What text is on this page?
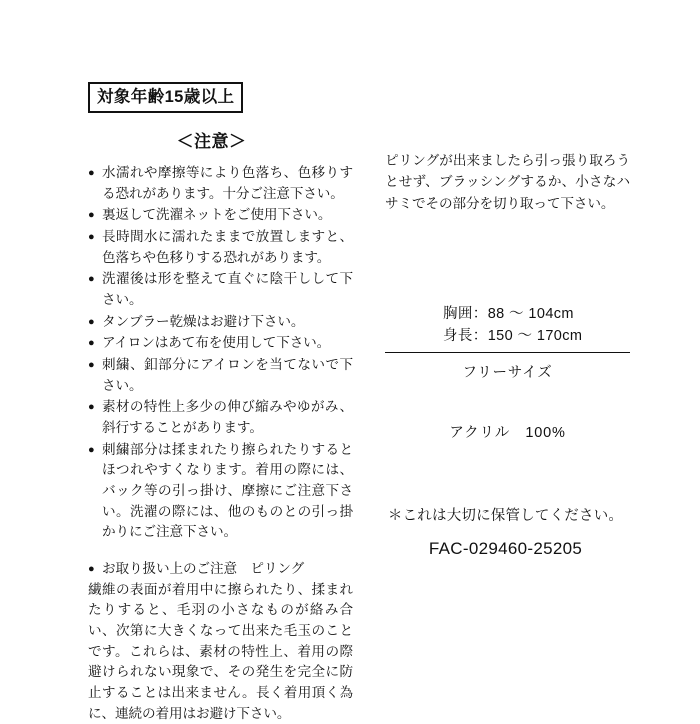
対象年齢15歳以上
＜注意＞
● 水濡れや摩擦等により色落ち、色移りする恐れがあります。十分ご注意下さい。
● 裏返して洗濯ネットをご使用下さい。
● 長時間水に濡れたままで放置しますと、色落ちや色移りする恐れがあります。
● 洗濯後は形を整えて直ぐに陰干しして下さい。
● タンブラー乾燥はお避け下さい。
● アイロンはあて布を使用して下さい。
● 刺繍、釦部分にアイロンを当てないで下さい。
● 素材の特性上多少の伸び縮みやゆがみ、斜行することがあります。
● 刺繍部分は揉まれたり擦られたりするとほつれやすくなります。着用の際には、バック等の引っ掛け、摩擦にご注意下さい。洗濯の際には、他のものとの引っ掛かりにご注意下さい。
● お取り扱い上のご注意　ピリング
繊維の表面が着用中に擦られたり、揉まれたりすると、毛羽の小さなものが絡み合い、次第に大きくなって出来た毛玉のことです。これらは、素材の特性上、着用の際避けられない現象で、その発生を完全に防止することは出来ません。長く着用頂く為に、連続の着用はお避け下さい。
ピリングが出来ましたら引っ張り取ろうとせず、ブラッシングするか、小さなハサミでその部分を切り取って下さい。
胸囲：88 ～ 104cm
身長：150 ～ 170cm
フリーサイズ
アクリル　100%
＊これは大切に保管してください。
FAC-029460-25205
